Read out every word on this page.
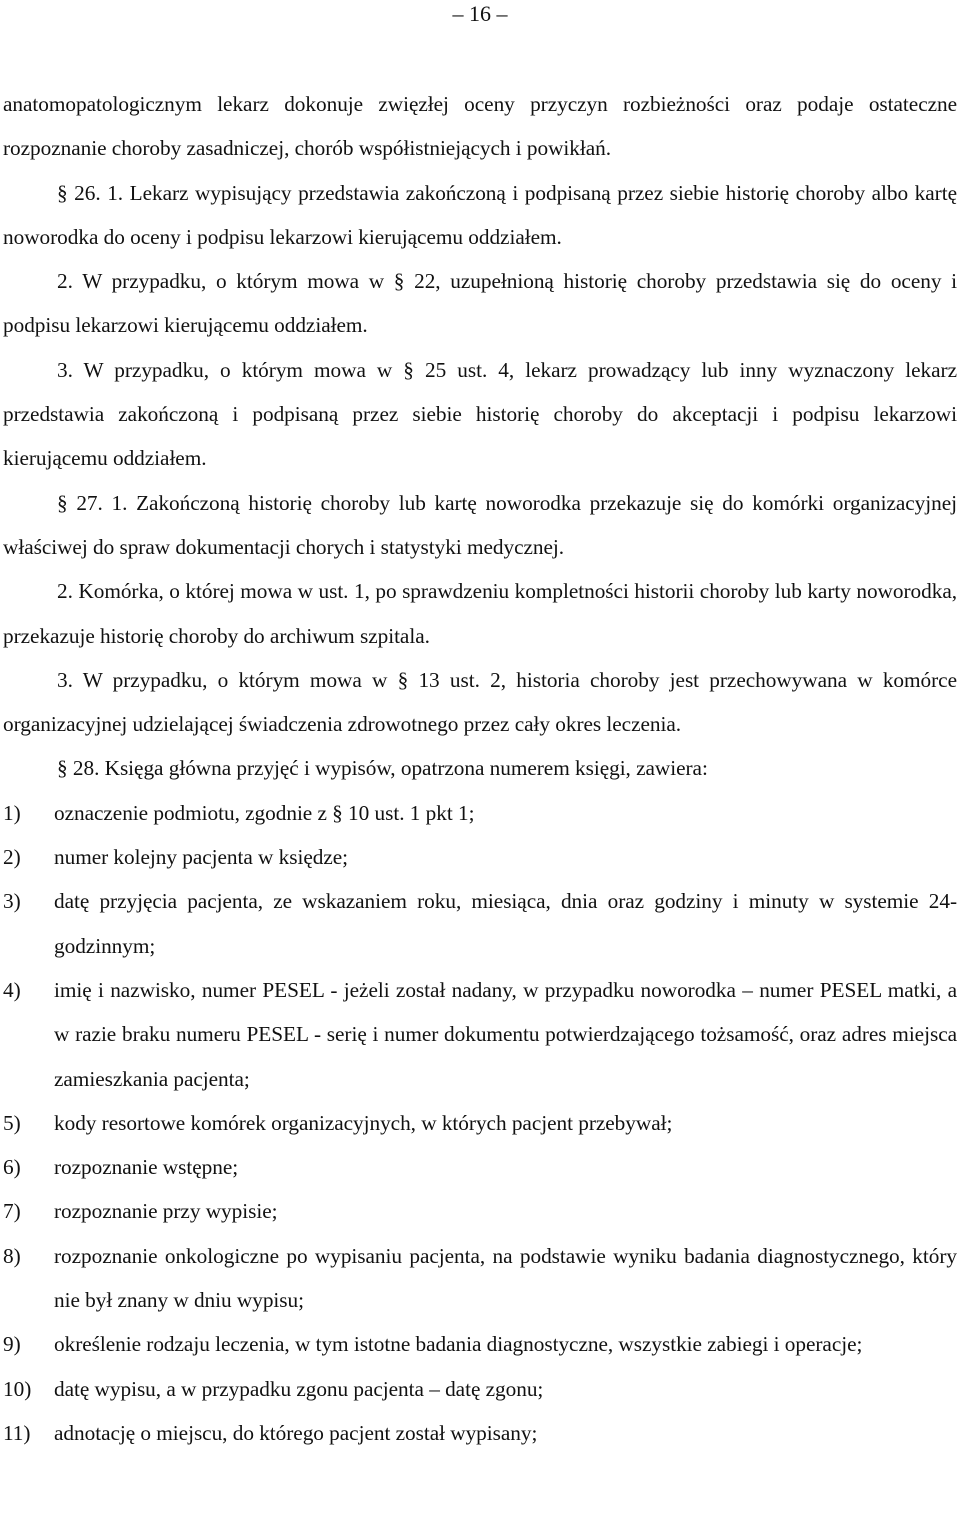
– 16 –

anatomopatologicznym lekarz dokonuje zwięzłej oceny przyczyn rozbieżności oraz podaje ostateczne rozpoznanie choroby zasadniczej, chorób współistniejących i powikłań.

§ 26. 1. Lekarz wypisujący przedstawia zakończoną i podpisaną przez siebie historię choroby albo kartę noworodka do oceny i podpisu lekarzowi kierującemu oddziałem.

2. W przypadku, o którym mowa w § 22, uzupełnioną historię choroby przedstawia się do oceny i podpisu lekarzowi kierującemu oddziałem.

3. W przypadku, o którym mowa w § 25 ust. 4, lekarz prowadzący lub inny wyznaczony lekarz przedstawia zakończoną i podpisaną przez siebie historię choroby do akceptacji i podpisu lekarzowi kierującemu oddziałem.

§ 27. 1. Zakończoną historię choroby lub kartę noworodka przekazuje się do komórki organizacyjnej właściwej do spraw dokumentacji chorych i statystyki medycznej.

2. Komórka, o której mowa w ust. 1, po sprawdzeniu kompletności historii choroby lub karty noworodka, przekazuje historię choroby do archiwum szpitala.

3. W przypadku, o którym mowa w § 13 ust. 2, historia choroby jest przechowywana w komórce organizacyjnej udzielającej świadczenia zdrowotnego przez cały okres leczenia.

§ 28. Księga główna przyjęć i wypisów, opatrzona numerem księgi, zawiera:

1)	oznaczenie podmiotu, zgodnie z § 10 ust. 1 pkt 1;
2)	numer kolejny pacjenta w księdze;
3)	datę przyjęcia pacjenta, ze wskazaniem roku, miesiąca, dnia oraz godziny i minuty w systemie 24-godzinnym;
4)	imię i nazwisko, numer PESEL - jeżeli został nadany, w przypadku noworodka – numer PESEL matki, a w razie braku numeru PESEL - serię i numer dokumentu potwierdzającego tożsamość, oraz adres miejsca zamieszkania pacjenta;
5)	kody resortowe komórek organizacyjnych, w których pacjent przebywał;
6)	rozpoznanie wstępne;
7)	rozpoznanie przy wypisie;
8)	rozpoznanie onkologiczne po wypisaniu pacjenta, na podstawie wyniku badania diagnostycznego, który nie był znany w dniu wypisu;
9)	określenie rodzaju leczenia, w tym istotne badania diagnostyczne, wszystkie zabiegi i operacje;
10)	datę wypisu, a w przypadku zgonu pacjenta – datę zgonu;
11)	adnotację o miejscu, do którego pacjent został wypisany;
